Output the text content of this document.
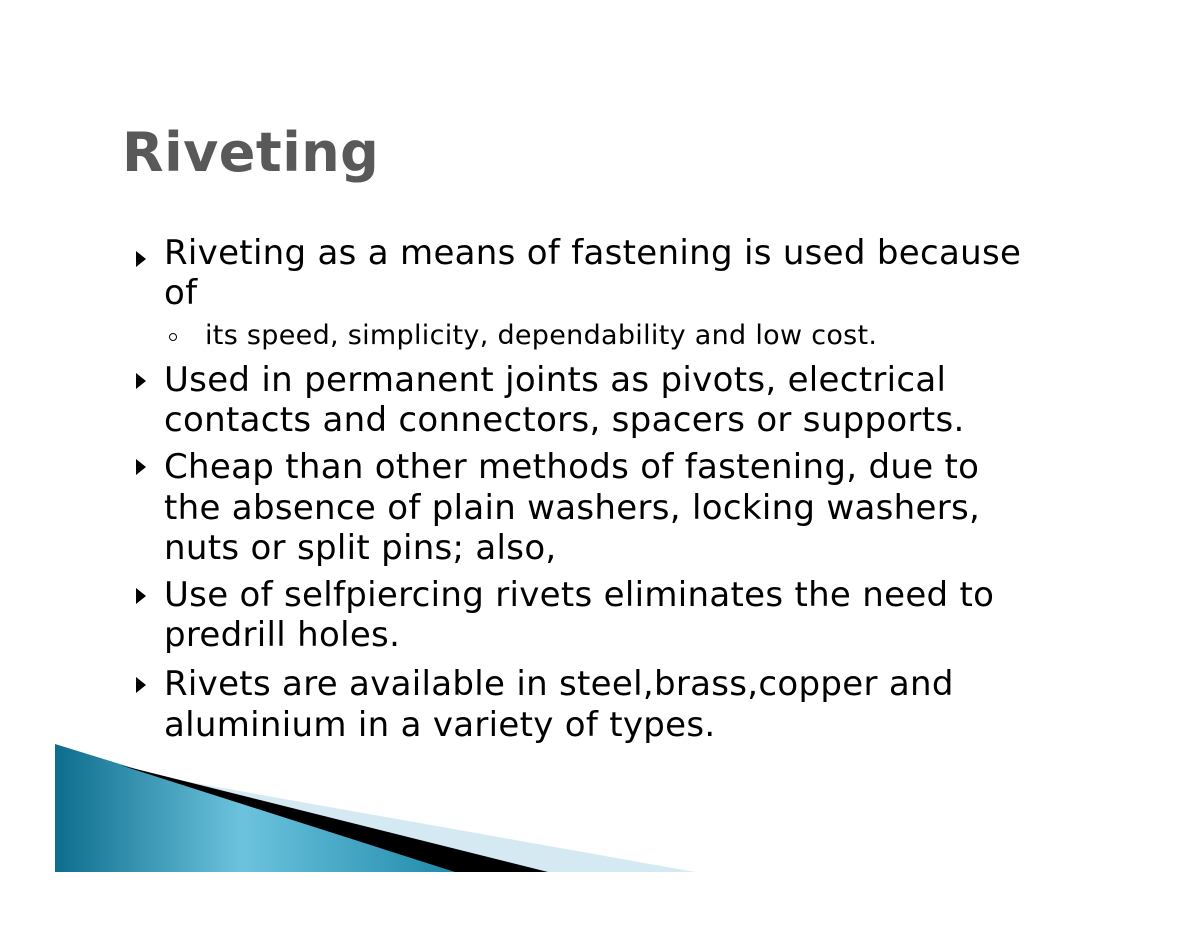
Riveting

Riveting as a means of fastening is used because

of

its speed, simplicity, dependability and low cost.

Used in permanent joints as pivots, electrical

contacts and connectors, spacers or supports.

Cheap than other methods of fastening, due to

the absence of plain washers, locking washers,

nuts or split pins; also,

Use of selfpiercing rivets eliminates the need to

predrill holes.

Rivets are available in steel,brass,copper and

aluminium in a variety of types.
